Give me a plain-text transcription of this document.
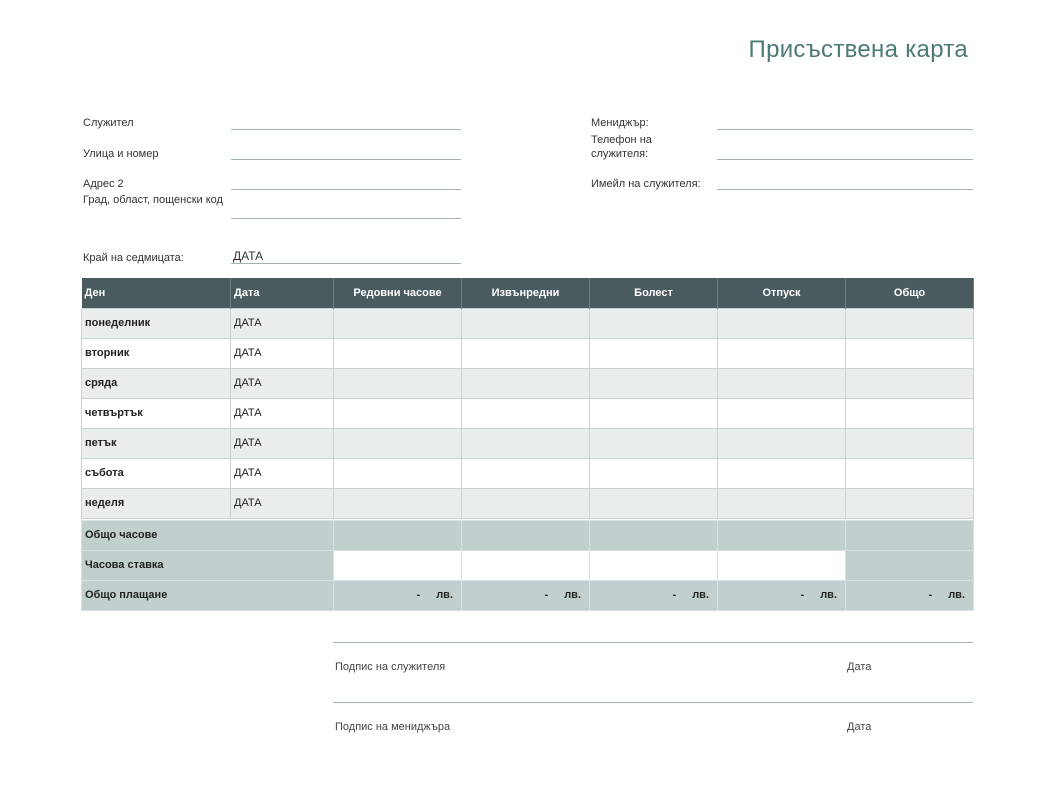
Присъствена карта
Служител
Улица и номер
Адрес 2
Град, област, пощенски код
Край на седмицата:	ДАТА
Мениджър:
Телефон на служителя:
Имейл на служителя:
Ден	Дата	Редовни часове	Извънредни	Болест	Отпуск	Общо
понеделник	ДАТА					
вторник	ДАТА					
сряда	ДАТА					
четвъртък	ДАТА					
петък	ДАТА					
събота	ДАТА					
неделя	ДАТА					

Общо часове						
Часова ставка						
Общо плащане		- лв.	- лв.	- лв.	- лв.	- лв.
Подпис на служителя	Дата
Подпис на мениджъра	Дата
